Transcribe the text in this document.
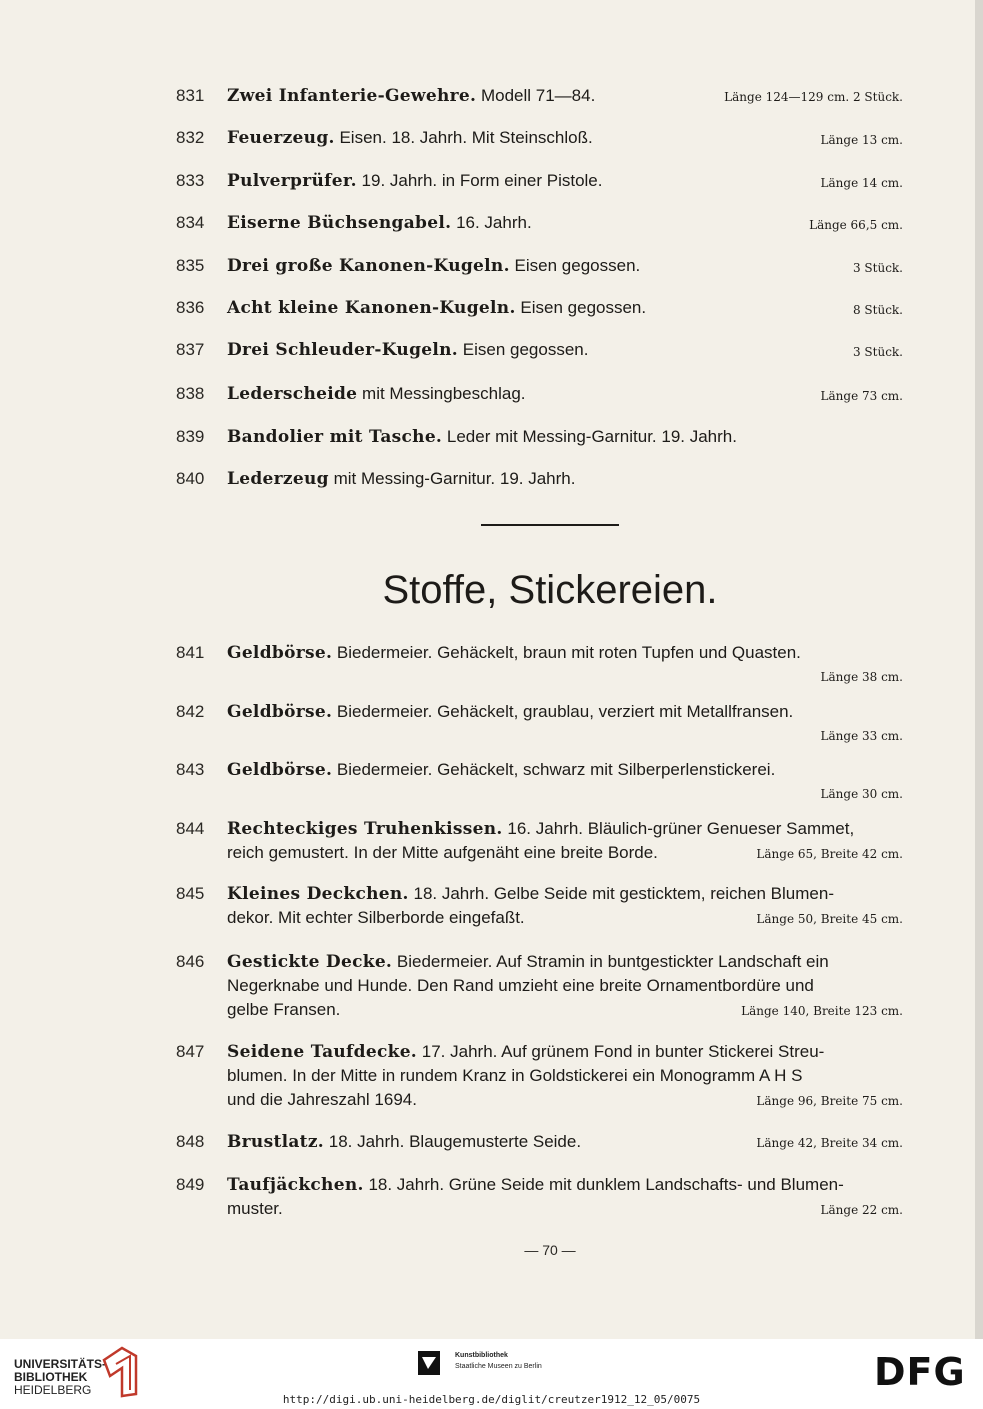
831	Zwei Infanterie-Gewehre. Modell 71—84.	Länge 124—129 cm. 2 Stück.
832	Feuerzeug. Eisen. 18. Jahrh. Mit Steinschloß.	Länge 13 cm.
833	Pulverprüfer. 19. Jahrh. in Form einer Pistole.	Länge 14 cm.
834	Eiserne Büchsengabel. 16. Jahrh.	Länge 66,5 cm.
835	Drei große Kanonen-Kugeln. Eisen gegossen.	3 Stück.
836	Acht kleine Kanonen-Kugeln. Eisen gegossen.	8 Stück.
837	Drei Schleuder-Kugeln. Eisen gegossen.	3 Stück.
838	Lederscheide mit Messingbeschlag.	Länge 73 cm.
839	Bandolier mit Tasche. Leder mit Messing-Garnitur. 19. Jahrh.
840	Lederzeug mit Messing-Garnitur. 19. Jahrh.
Stoffe, Stickereien.
841	Geldbörse. Biedermeier. Gehäckelt, braun mit roten Tupfen und Quasten.
Länge 38 cm.
842	Geldbörse. Biedermeier. Gehäckelt, graublau, verziert mit Metallfransen.
Länge 33 cm.
843	Geldbörse. Biedermeier. Gehäckelt, schwarz mit Silberperlenstickerei.
Länge 30 cm.
844	Rechteckiges Truhenkissen. 16. Jahrh. Bläulich-grüner Genueser Sammet,
reich gemustert. In der Mitte aufgenäht eine breite Borde.	Länge 65, Breite 42 cm.
845	Kleines Deckchen. 18. Jahrh. Gelbe Seide mit gesticktem, reichen Blumen-
dekor. Mit echter Silberborde eingefaßt.	Länge 50, Breite 45 cm.
846	Gestickte Decke. Biedermeier. Auf Stramin in buntgestickter Landschaft ein
Negerknabe und Hunde. Den Rand umzieht eine breite Ornamentbordüre und
gelbe Fransen.	Länge 140, Breite 123 cm.
847	Seidene Taufdecke. 17. Jahrh. Auf grünem Fond in bunter Stickerei Streu-
blumen. In der Mitte in rundem Kranz in Goldstickerei ein Monogramm A H S
und die Jahreszahl 1694.	Länge 96, Breite 75 cm.
848	Brustlatz. 18. Jahrh. Blaugemusterte Seide.	Länge 42, Breite 34 cm.
849	Taufjäckchen. 18. Jahrh. Grüne Seide mit dunklem Landschafts- und Blumen-
muster.	Länge 22 cm.
— 70 —
UNIVERSITÄTS-
BIBLIOTHEK
HEIDELBERG
Kunstbibliothek
Staatliche Museen zu Berlin	DFG
http://digi.ub.uni-heidelberg.de/diglit/creutzer1912_12_05/0075
